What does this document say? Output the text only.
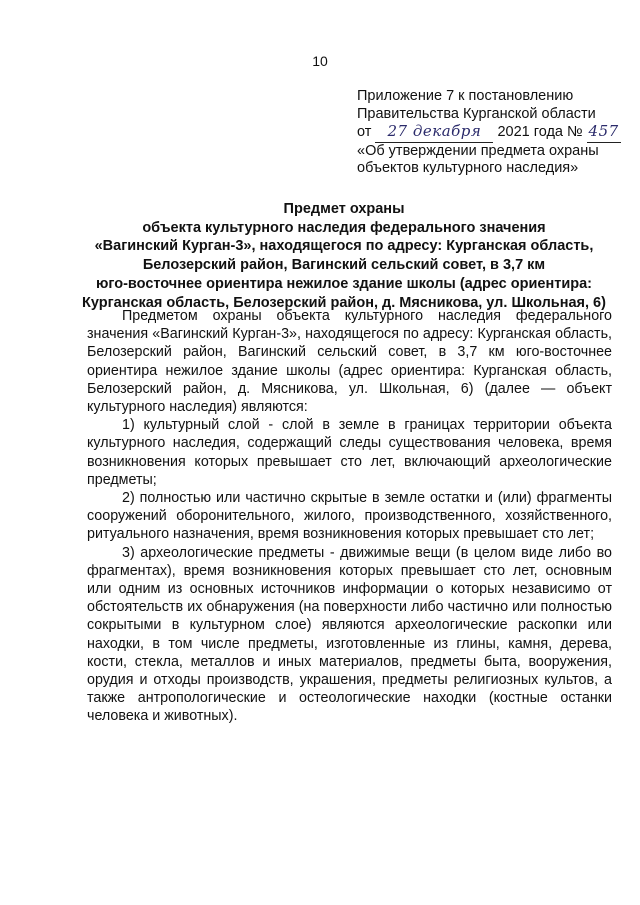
10
Приложение 7 к постановлению
Правительства Курганской области
от 27 декабря 2021 года № 457
«Об утверждении предмета охраны
объектов культурного наследия»
Предмет охраны
объекта культурного наследия федерального значения
«Вагинский Курган-3», находящегося по адресу: Курганская область,
Белозерский район, Вагинский сельский совет, в 3,7 км
юго-восточнее ориентира нежилое здание школы (адрес ориентира:
Курганская область, Белозерский район, д. Мясникова, ул. Школьная, 6)

Предметом охраны объекта культурного наследия федерального значения «Вагинский Курган-3», находящегося по адресу: Курганская область, Белозерский район, Вагинский сельский совет, в 3,7 км юго-восточнее ориентира нежилое здание школы (адрес ориентира: Курганская область, Белозерский район, д. Мясникова, ул. Школьная, 6) (далее — объект культурного наследия) являются:

1) культурный слой - слой в земле в границах территории объекта культурного наследия, содержащий следы существования человека, время возникновения которых превышает сто лет, включающий археологические предметы;

2) полностью или частично скрытые в земле остатки и (или) фрагменты сооружений оборонительного, жилого, производственного, хозяйственного, ритуального назначения, время возникновения которых превышает сто лет;

3) археологические предметы - движимые вещи (в целом виде либо во фрагментах), время возникновения которых превышает сто лет, основным или одним из основных источников информации о которых независимо от обстоятельств их обнаружения (на поверхности либо частично или полностью сокрытыми в культурном слое) являются археологические раскопки или находки, в том числе предметы, изготовленные из глины, камня, дерева, кости, стекла, металлов и иных материалов, предметы быта, вооружения, орудия и отходы производств, украшения, предметы религиозных культов, а также антропологические и остеологические находки (костные останки человека и животных).
